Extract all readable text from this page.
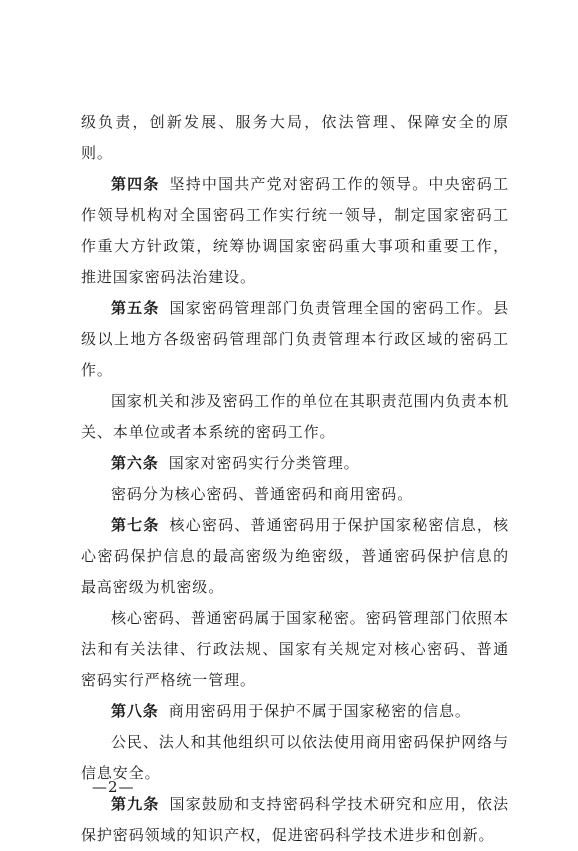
级负责，创新发展、服务大局，依法管理、保障安全的原则。

第四条 坚持中国共产党对密码工作的领导。中央密码工作领导机构对全国密码工作实行统一领导，制定国家密码工作重大方针政策，统筹协调国家密码重大事项和重要工作，推进国家密码法治建设。

第五条 国家密码管理部门负责管理全国的密码工作。县级以上地方各级密码管理部门负责管理本行政区域的密码工作。

国家机关和涉及密码工作的单位在其职责范围内负责本机关、本单位或者本系统的密码工作。

第六条 国家对密码实行分类管理。

密码分为核心密码、普通密码和商用密码。

第七条 核心密码、普通密码用于保护国家秘密信息，核心密码保护信息的最高密级为绝密级，普通密码保护信息的最高密级为机密级。

核心密码、普通密码属于国家秘密。密码管理部门依照本法和有关法律、行政法规、国家有关规定对核心密码、普通密码实行严格统一管理。

第八条 商用密码用于保护不属于国家秘密的信息。

公民、法人和其他组织可以依法使用商用密码保护网络与信息安全。

第九条 国家鼓励和支持密码科学技术研究和应用，依法保护密码领域的知识产权，促进密码科学技术进步和创新。

—2—
